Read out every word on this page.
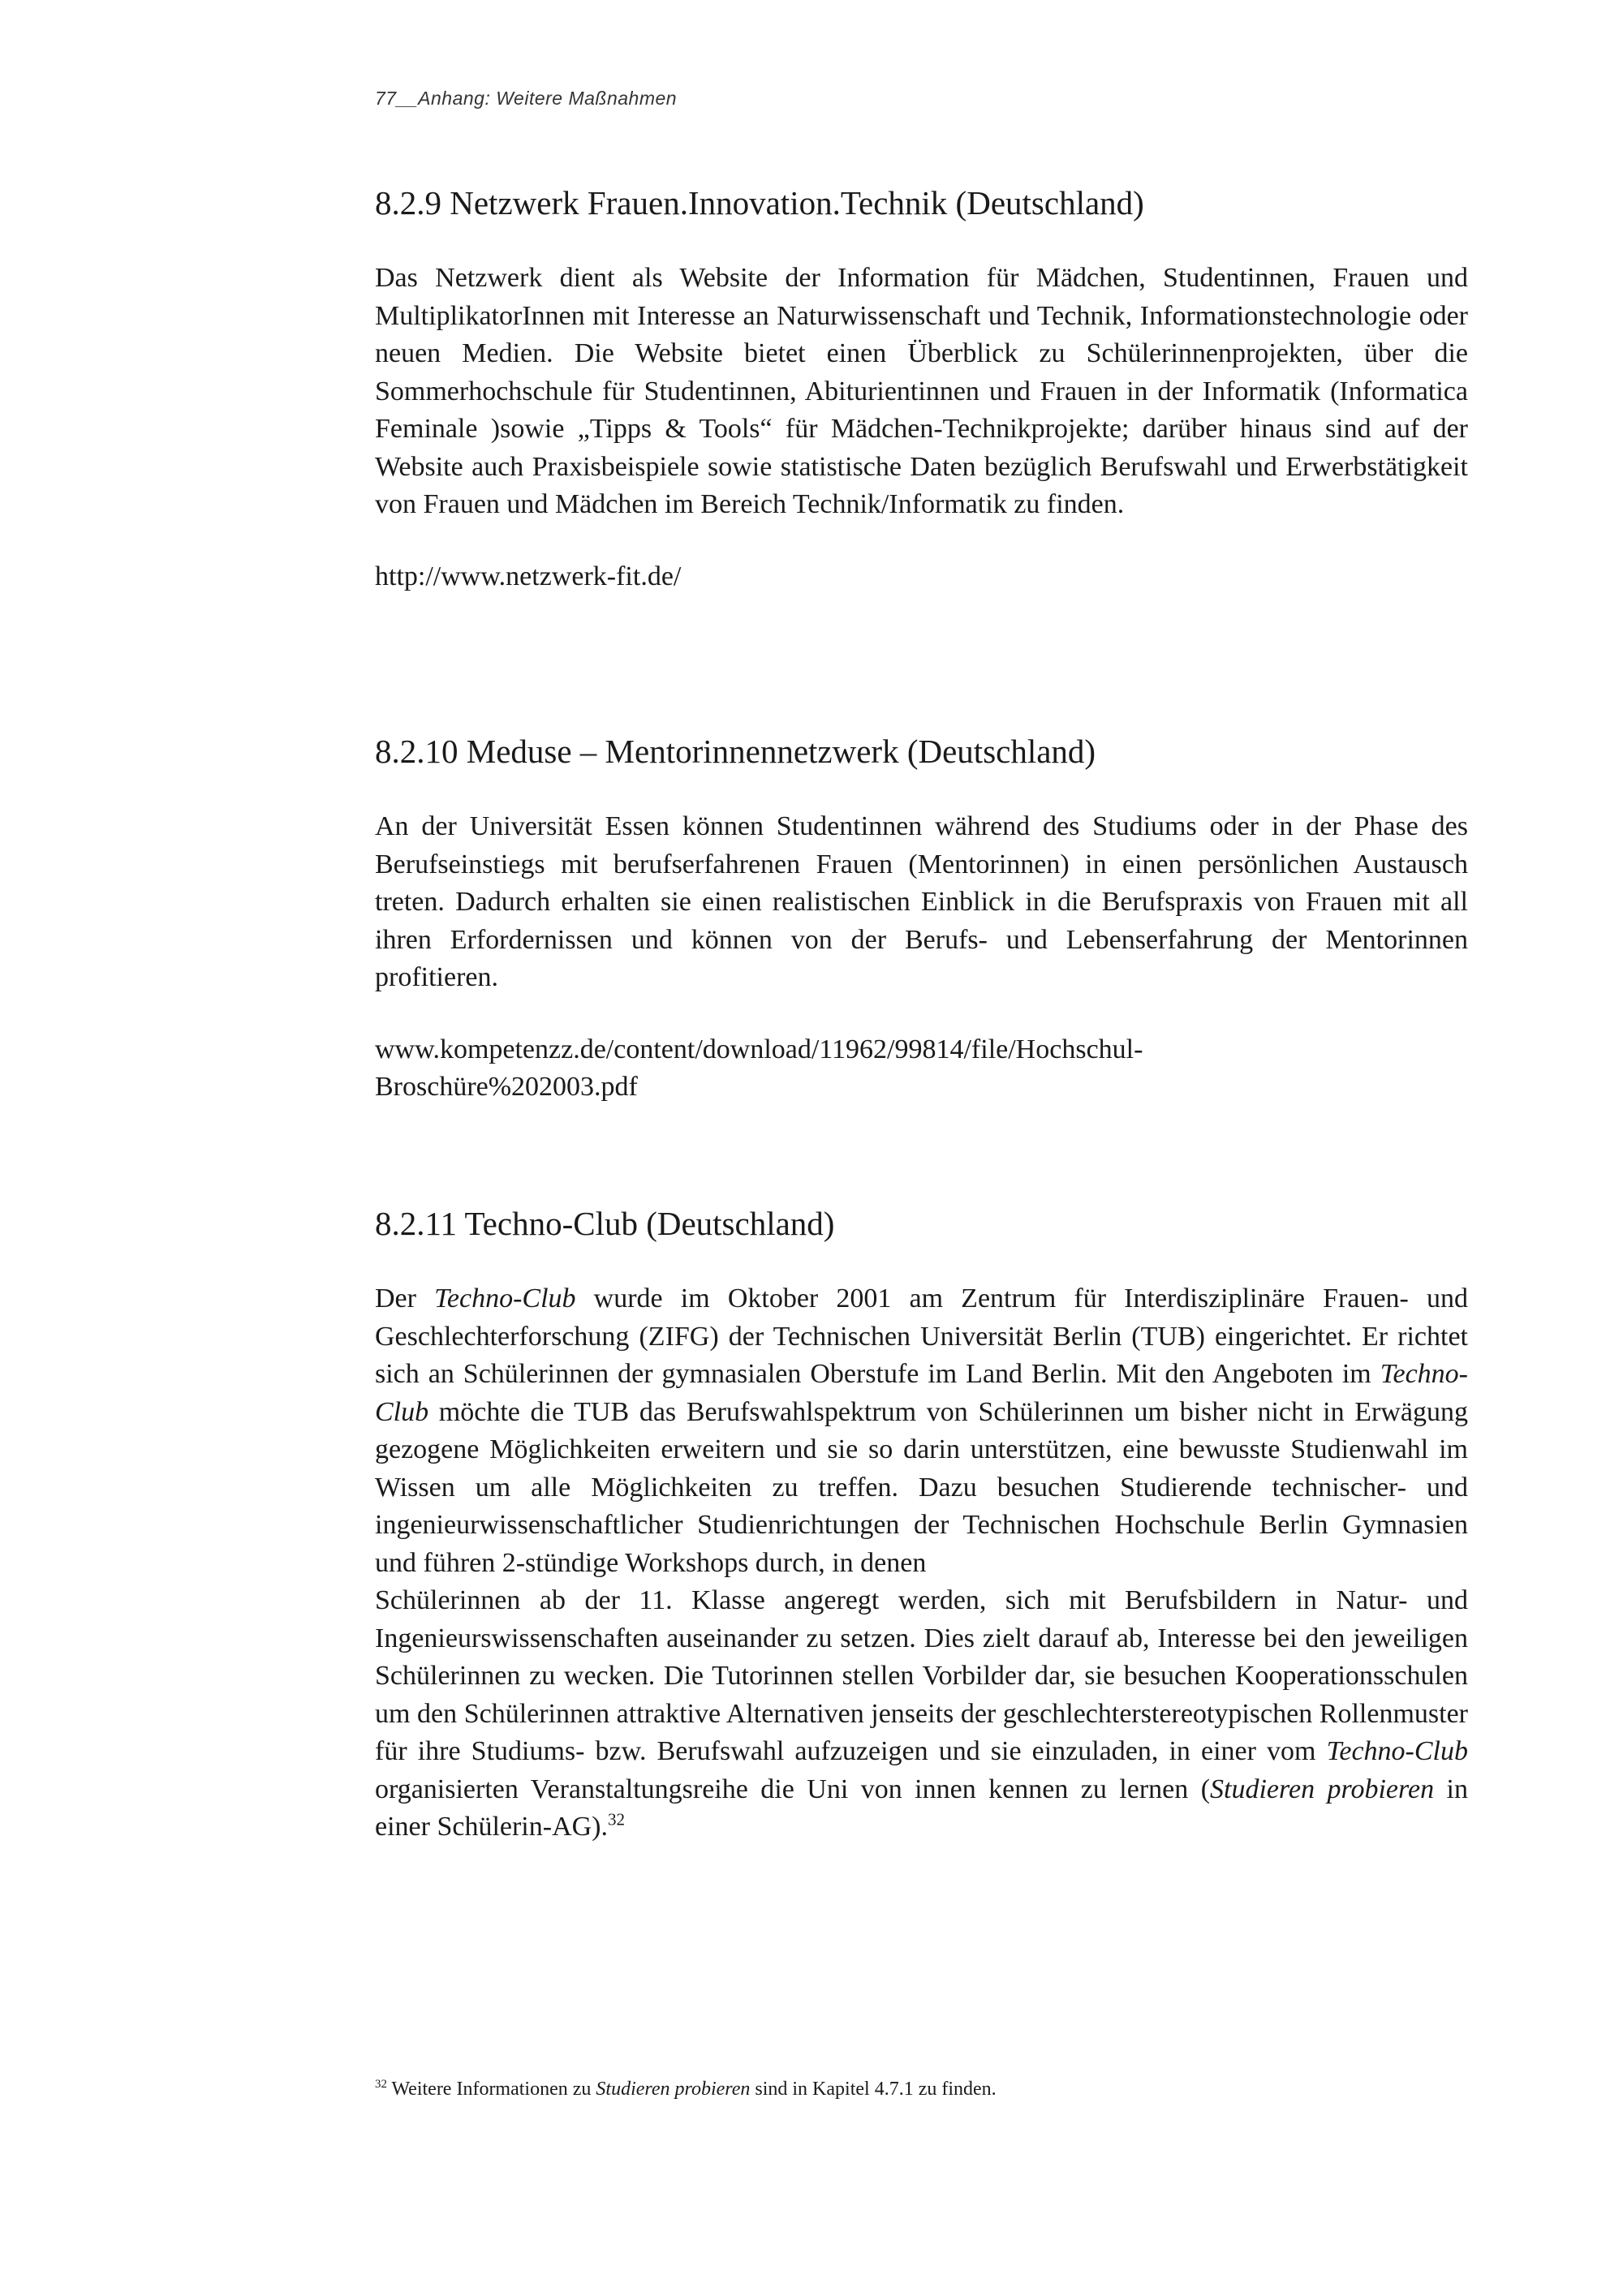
77__Anhang: Weitere Maßnahmen
8.2.9 Netzwerk Frauen.Innovation.Technik (Deutschland)

Das Netzwerk dient als Website der Information für Mädchen, Studentinnen, Frauen und MultiplikatorInnen mit Interesse an Naturwissenschaft und Technik, Informationstechnologie oder neuen Medien. Die Website bietet einen Überblick zu Schülerinnenprojekten, über die Sommerhochschule für Studentinnen, Abiturientinnen und Frauen in der Informatik (Informatica Feminale )sowie „Tipps & Tools“ für Mädchen-Technikprojekte; darüber hinaus sind auf der Website auch Praxisbeispiele sowie statistische Daten bezüglich Berufswahl und Erwerbstätigkeit von Frauen und Mädchen im Bereich Technik/Informatik zu finden.

http://www.netzwerk-fit.de/

8.2.10 Meduse – Mentorinnennetzwerk (Deutschland)

An der Universität Essen können Studentinnen während des Studiums oder in der Phase des Berufseinstiegs mit berufserfahrenen Frauen (Mentorinnen) in einen persönlichen Austausch treten. Dadurch erhalten sie einen realistischen Einblick in die Berufspraxis von Frauen mit all ihren Erfordernissen und können von der Berufs- und Lebenserfahrung der Mentorinnen profitieren.

www.kompetenzz.de/content/download/11962/99814/file/Hochschul-

Broschüre%202003.pdf

8.2.11 Techno-Club (Deutschland)

Der Techno-Club wurde im Oktober 2001 am Zentrum für Interdisziplinäre Frauen- und Geschlechterforschung (ZIFG) der Technischen Universität Berlin (TUB) eingerichtet. Er richtet sich an Schülerinnen der gymnasialen Oberstufe im Land Berlin. Mit den Angeboten im Techno-Club möchte die TUB das Berufswahlspektrum von Schülerinnen um bisher nicht in Erwägung gezogene Möglichkeiten erweitern und sie so darin unterstützen, eine bewusste Studienwahl im Wissen um alle Möglichkeiten zu treffen. Dazu besuchen Studierende technischer- und ingenieurwissenschaftlicher Studienrichtungen der Technischen Hochschule Berlin Gymnasien und führen 2-stündige Workshops durch, in denen

Schülerinnen ab der 11. Klasse angeregt werden, sich mit Berufsbildern in Natur- und Ingenieurswissenschaften auseinander zu setzen. Dies zielt darauf ab, Interesse bei den jeweiligen Schülerinnen zu wecken. Die Tutorinnen stellen Vorbilder dar, sie besuchen Kooperationsschulen um den Schülerinnen attraktive Alternativen jenseits der geschlechterstereotypischen Rollenmuster für ihre Studiums- bzw. Berufswahl aufzuzeigen und sie einzuladen, in einer vom Techno-Club organisierten Veranstaltungsreihe die Uni von innen kennen zu lernen (Studieren probieren in einer Schülerin-AG).$^{32}$

$^{32}$ Weitere Informationen zu Studieren probieren sind in Kapitel 4.7.1 zu finden.
